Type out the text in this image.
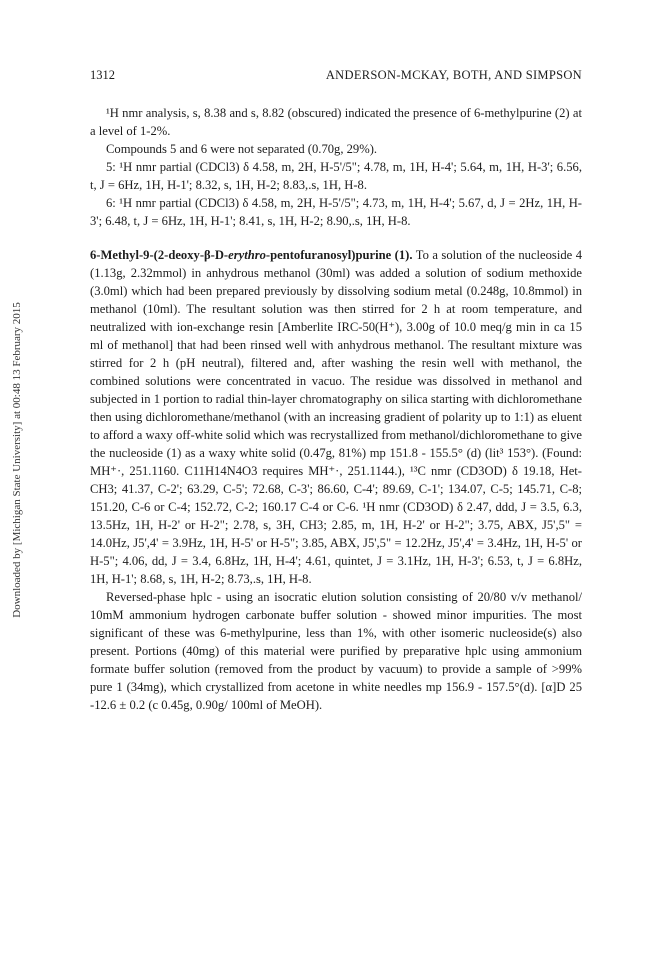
Downloaded by [Michigan State University] at 00:48 13 February 2015
1312	ANDERSON-MCKAY, BOTH, AND SIMPSON

¹H nmr analysis, s, 8.38 and s, 8.82 (obscured) indicated the presence of 6-methylpurine (2) at a level of 1-2%.

Compounds 5 and 6 were not separated (0.70g, 29%).

5: ¹H nmr partial (CDCl3) δ 4.58, m, 2H, H-5'/5"; 4.78, m, 1H, H-4'; 5.64, m, 1H, H-3'; 6.56, t, J = 6Hz, 1H, H-1'; 8.32, s, 1H, H-2; 8.83,.s, 1H, H-8.

6: ¹H nmr partial (CDCl3) δ 4.58, m, 2H, H-5'/5"; 4.73, m, 1H, H-4'; 5.67, d, J = 2Hz, 1H, H-3'; 6.48, t, J = 6Hz, 1H, H-1'; 8.41, s, 1H, H-2; 8.90,.s, 1H, H-8.

6-Methyl-9-(2-deoxy-β-D-erythro-pentofuranosyl)purine (1). To a solution of the nucleoside 4 (1.13g, 2.32mmol) in anhydrous methanol (30ml) was added a solution of sodium methoxide (3.0ml) which had been prepared previously by dissolving sodium metal (0.248g, 10.8mmol) in methanol (10ml). The resultant solution was then stirred for 2 h at room temperature, and neutralized with ion-exchange resin [Amberlite IRC-50(H⁺), 3.00g of 10.0 meq/g min in ca 15 ml of methanol] that had been rinsed well with anhydrous methanol. The resultant mixture was stirred for 2 h (pH neutral), filtered and, after washing the resin well with methanol, the combined solutions were concentrated in vacuo. The residue was dissolved in methanol and subjected in 1 portion to radial thin-layer chromatography on silica starting with dichloromethane then using dichloromethane/methanol (with an increasing gradient of polarity up to 1:1) as eluent to afford a waxy off-white solid which was recrystallized from methanol/dichloromethane to give the nucleoside (1) as a waxy white solid (0.47g, 81%) mp 151.8 - 155.5° (d) (lit³ 153°). (Found: MH⁺·, 251.1160. C11H14N4O3 requires MH⁺·, 251.1144.), ¹³C nmr (CD3OD) δ 19.18, Het-CH3; 41.37, C-2'; 63.29, C-5'; 72.68, C-3'; 86.60, C-4'; 89.69, C-1'; 134.07, C-5; 145.71, C-8; 151.20, C-6 or C-4; 152.72, C-2; 160.17 C-4 or C-6. ¹H nmr (CD3OD) δ 2.47, ddd, J = 3.5, 6.3, 13.5Hz, 1H, H-2' or H-2"; 2.78, s, 3H, CH3; 2.85, m, 1H, H-2' or H-2"; 3.75, ABX, J5',5" = 14.0Hz, J5',4' = 3.9Hz, 1H, H-5' or H-5"; 3.85, ABX, J5',5" = 12.2Hz, J5',4' = 3.4Hz, 1H, H-5' or H-5"; 4.06, dd, J = 3.4, 6.8Hz, 1H, H-4'; 4.61, quintet, J = 3.1Hz, 1H, H-3'; 6.53, t, J = 6.8Hz, 1H, H-1'; 8.68, s, 1H, H-2; 8.73,.s, 1H, H-8.

Reversed-phase hplc - using an isocratic elution solution consisting of 20/80 v/v methanol/ 10mM ammonium hydrogen carbonate buffer solution - showed minor impurities. The most significant of these was 6-methylpurine, less than 1%, with other isomeric nucleoside(s) also present. Portions (40mg) of this material were purified by preparative hplc using ammonium formate buffer solution (removed from the product by vacuum) to provide a sample of >99% pure 1 (34mg), which crystallized from acetone in white needles mp 156.9 - 157.5°(d). [α]D 25 -12.6 ± 0.2 (c 0.45g, 0.90g/ 100ml of MeOH).
